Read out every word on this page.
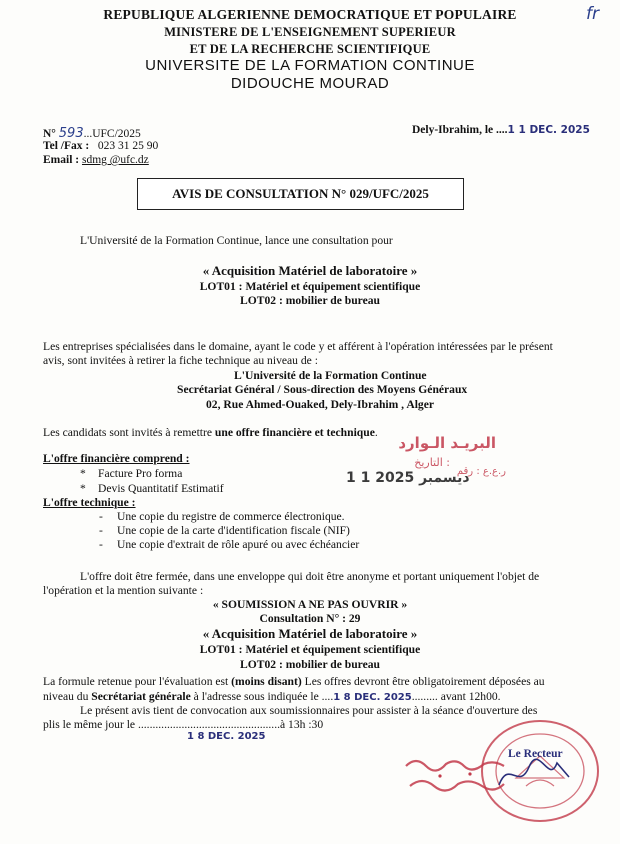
fr
REPUBLIQUE ALGERIENNE DEMOCRATIQUE ET POPULAIRE
MINISTERE DE L'ENSEIGNEMENT SUPERIEUR
ET DE LA RECHERCHE SCIENTIFIQUE
UNIVERSITE DE LA FORMATION CONTINUE
DIDOUCHE MOURAD
N° 593...UFC/2025
Tel /Fax : 023 31 25 90
Email : sdmg @ufc.dz
Dely-Ibrahim, le ....1 1 DEC. 2025
AVIS DE CONSULTATION N° 029/UFC/2025
L'Université de la Formation Continue, lance une consultation pour
« Acquisition Matériel de laboratoire »
LOT01 : Matériel et équipement scientifique
LOT02 : mobilier de bureau
Les entreprises spécialisées dans le domaine, ayant le code y et afférent à l'opération intéressées par le présent
avis, sont invitées à retirer la fiche technique au niveau de :
L'Université de la Formation Continue
Secrétariat Général / Sous-direction des Moyens Généraux
02, Rue Ahmed-Ouaked, Dely-Ibrahim , Alger
Les candidats sont invités à remettre une offre financière et technique.
L'offre financière comprend :
* Facture Pro forma
* Devis Quantitatif Estimatif
L'offre technique :
- Une copie du registre de commerce électronique.
- Une copie de la carte d'identification fiscale (NIF)
- Une copie d'extrait de rôle apuré ou avec échéancier
L'offre doit être fermée, dans une enveloppe qui doit être anonyme et portant uniquement l'objet de
l'opération et la mention suivante :
« SOUMISSION A NE PAS OUVRIR »
Consultation N° : 29
« Acquisition Matériel de laboratoire »
LOT01 : Matériel et équipement scientifique
LOT02 : mobilier de bureau
La formule retenue pour l'évaluation est (moins disant) Les offres devront être obligatoirement déposées au
niveau du Secrétariat générale à l'adresse sous indiquée le ....1 8 DEC. 2025......... avant 12h00.
Le présent avis tient de convocation aux soumissionnaires pour assister à la séance d'ouverture des
plis le même jour le .................................................à 13h :30
1 8 DEC. 2025
البريـد الـوارد
التاريخ :
1 1 ديسمبر 2025
ر.ع.ع : رقم
Le Recteur
